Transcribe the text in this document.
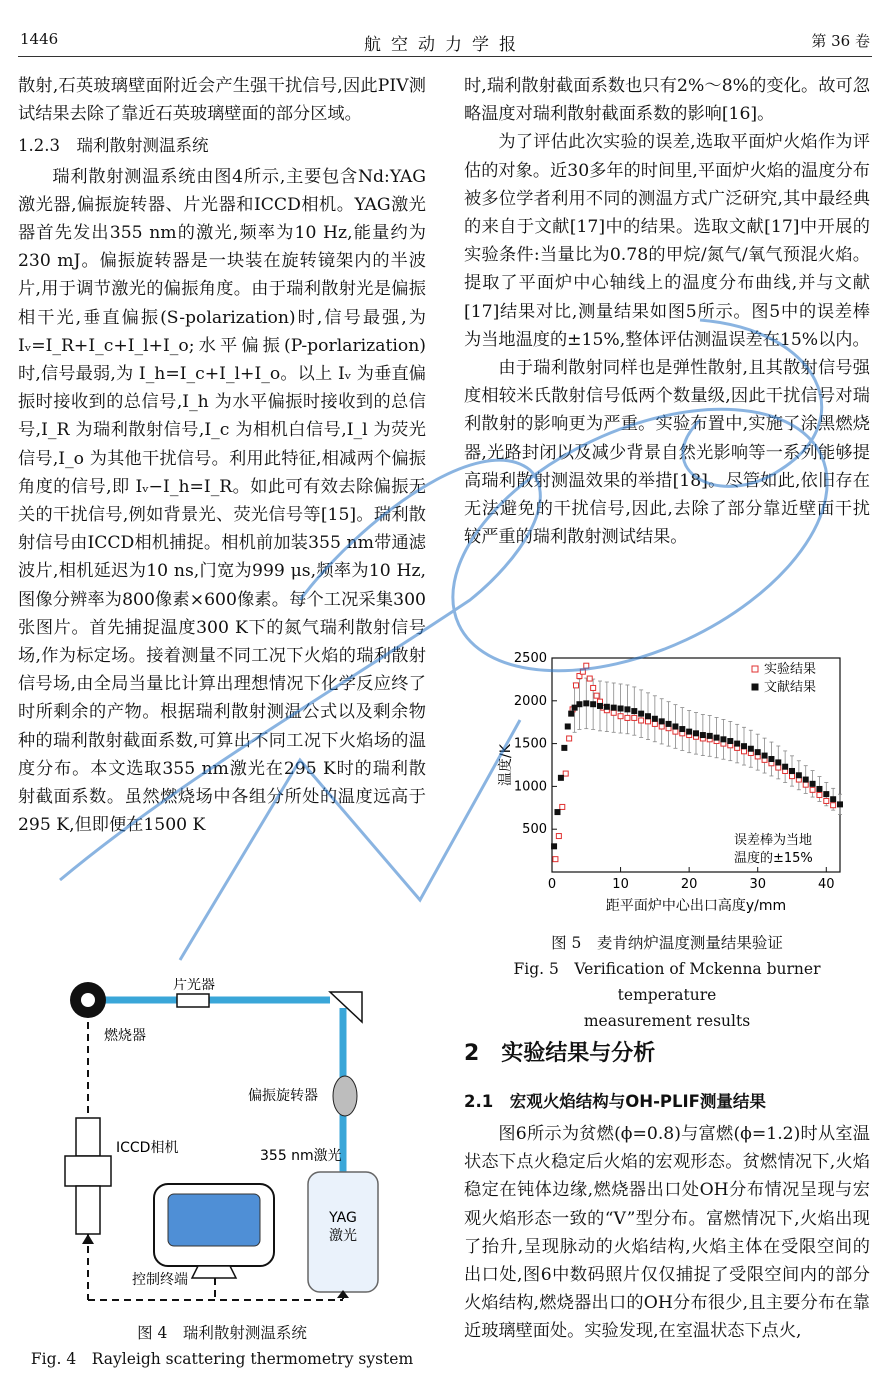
1446	航空动力学报	第 36 卷

散射,石英玻璃壁面附近会产生强干扰信号,因此PIV测试结果去除了靠近石英玻璃壁面的部分区域。

1.2.3　瑞利散射测温系统

瑞利散射测温系统由图4所示,主要包含Nd:YAG激光器,偏振旋转器、片光器和ICCD相机。YAG激光器首先发出355 nm的激光,频率为10 Hz,能量约为230 mJ。偏振旋转器是一块装在旋转镜架内的半波片,用于调节激光的偏振角度。由于瑞利散射光是偏振相干光,垂直偏振(S-polarization)时,信号最强,为 Iᵥ=I_R+I_c+I_l+I_o;水平偏振(P-porlarization)时,信号最弱,为 I_h=I_c+I_l+I_o。以上 Iᵥ 为垂直偏振时接收到的总信号,I_h 为水平偏振时接收到的总信号,I_R 为瑞利散射信号,I_c 为相机白信号,I_l 为荧光信号,I_o 为其他干扰信号。利用此特征,相减两个偏振角度的信号,即 Iᵥ−I_h=I_R。如此可有效去除偏振无关的干扰信号,例如背景光、荧光信号等[15]。瑞利散射信号由ICCD相机捕捉。相机前加装355 nm带通滤波片,相机延迟为10 ns,门宽为999 μs,频率为10 Hz,图像分辨率为800像素×600像素。每个工况采集300张图片。首先捕捉温度300 K下的氮气瑞利散射信号场,作为标定场。接着测量不同工况下火焰的瑞利散射信号场,由全局当量比计算出理想情况下化学反应终了时所剩余的产物。根据瑞利散射测温公式以及剩余物种的瑞利散射截面系数,可算出不同工况下火焰场的温度分布。本文选取355 nm激光在295 K时的瑞利散射截面系数。虽然燃烧场中各组分所处的温度远高于295 K,但即便在1500 K

片光器
燃烧器
偏振旋转器
355 nm激光
YAG
激光
ICCD相机
控制终端
图 4　瑞利散射测温系统
Fig. 4　Rayleigh scattering thermometry system

时,瑞利散射截面系数也只有2%～8%的变化。故可忽略温度对瑞利散射截面系数的影响[16]。

为了评估此次实验的误差,选取平面炉火焰作为评估的对象。近30多年的时间里,平面炉火焰的温度分布被多位学者利用不同的测温方式广泛研究,其中最经典的来自于文献[17]中的结果。选取文献[17]中开展的实验条件:当量比为0.78的甲烷/氮气/氧气预混火焰。提取了平面炉中心轴线上的温度分布曲线,并与文献[17]结果对比,测量结果如图5所示。图5中的误差棒为当地温度的±15%,整体评估测温误差在15%以内。

由于瑞利散射同样也是弹性散射,且其散射信号强度相较米氏散射信号低两个数量级,因此干扰信号对瑞利散射的影响更为严重。实验布置中,实施了涂黑燃烧器,光路封闭以及减少背景自然光影响等一系列能够提高瑞利散射测温效果的举措[18]。尽管如此,依旧存在无法避免的干扰信号,因此,去除了部分靠近壁面干扰较严重的瑞利散射测试结果。

0	10	20	30	40
500
1000
1500
2000
2500
距平面炉中心出口高度y/mm
温度/K
实验结果
文献结果
误差棒为当地
温度的±15%
图 5　麦肯纳炉温度测量结果验证
Fig. 5　Verification of Mckenna burner temperature
measurement results
2　实验结果与分析
2.1　宏观火焰结构与OH-PLIF测量结果

图6所示为贫燃(ϕ=0.8)与富燃(ϕ=1.2)时从室温状态下点火稳定后火焰的宏观形态。贫燃情况下,火焰稳定在钝体边缘,燃烧器出口处OH分布情况呈现与宏观火焰形态一致的“V”型分布。富燃情况下,火焰出现了抬升,呈现脉动的火焰结构,火焰主体在受限空间的出口处,图6中数码照片仅仅捕捉了受限空间内的部分火焰结构,燃烧器出口的OH分布很少,且主要分布在靠近玻璃壁面处。实验发现,在室温状态下点火,
